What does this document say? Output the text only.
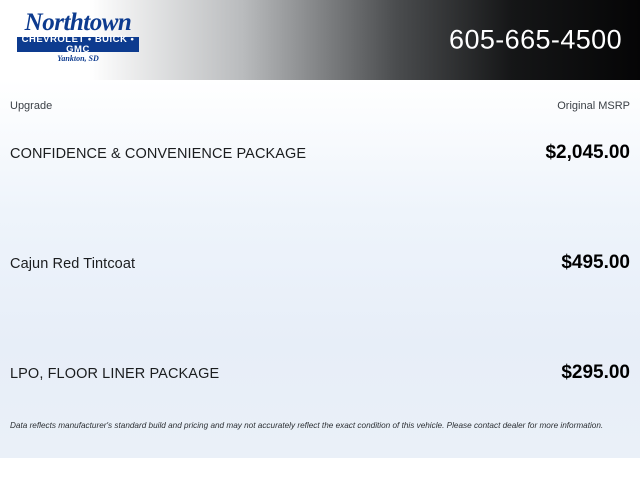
Northtown
CHEVROLET • BUICK • GMC
Yankton, SD
605-665-4500
Upgrade	Original MSRP
CONFIDENCE & CONVENIENCE PACKAGE	$2,045.00
Cajun Red Tintcoat	$495.00
LPO, FLOOR LINER PACKAGE	$295.00
Data reflects manufacturer's standard build and pricing and may not accurately reflect the exact condition of this vehicle. Please contact dealer for more information.
